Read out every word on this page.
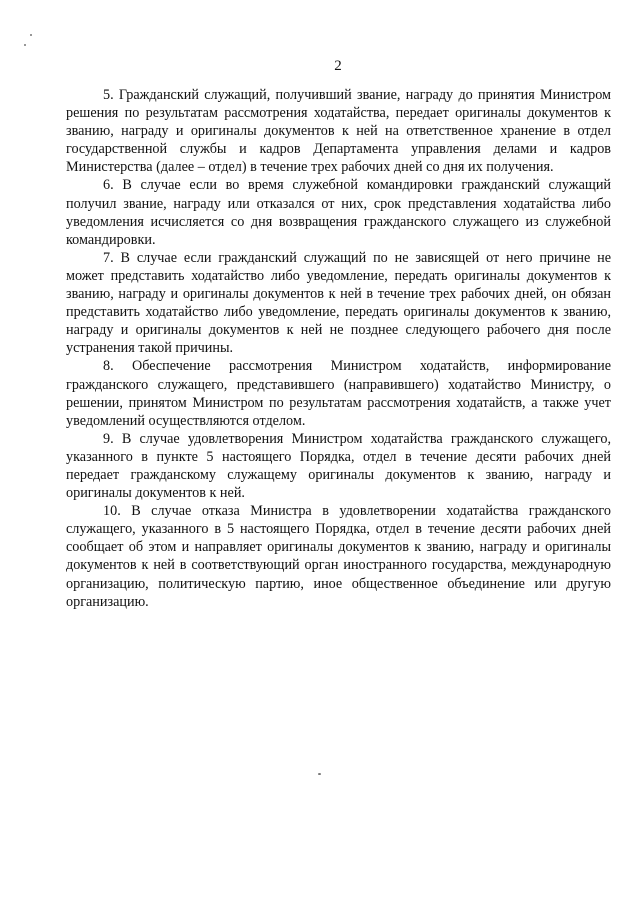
2

5. Гражданский служащий, получивший звание, награду до принятия Министром решения по результатам рассмотрения ходатайства, передает оригиналы документов к званию, награду и оригиналы документов к ней на ответственное хранение в отдел государственной службы и кадров Департамента управления делами и кадров Министерства (далее – отдел) в течение трех рабочих дней со дня их получения.

6. В случае если во время служебной командировки гражданский служащий получил звание, награду или отказался от них, срок представления ходатайства либо уведомления исчисляется со дня возвращения гражданского служащего из служебной командировки.

7. В случае если гражданский служащий по не зависящей от него причине не может представить ходатайство либо уведомление, передать оригиналы документов к званию, награду и оригиналы документов к ней в течение трех рабочих дней, он обязан представить ходатайство либо уведомление, передать оригиналы документов к званию, награду и оригиналы документов к ней не позднее следующего рабочего дня после устранения такой причины.

8. Обеспечение рассмотрения Министром ходатайств, информирование гражданского служащего, представившего (направившего) ходатайство Министру, о решении, принятом Министром по результатам рассмотрения ходатайств, а также учет уведомлений осуществляются отделом.

9. В случае удовлетворения Министром ходатайства гражданского служащего, указанного в пункте 5 настоящего Порядка, отдел в течение десяти рабочих дней передает гражданскому служащему оригиналы документов к званию, награду и оригиналы документов к ней.

10. В случае отказа Министра в удовлетворении ходатайства гражданского служащего, указанного в 5 настоящего Порядка, отдел в течение десяти рабочих дней сообщает об этом и направляет оригиналы документов к званию, награду и оригиналы документов к ней в соответствующий орган иностранного государства, международную организацию, политическую партию, иное общественное объединение или другую организацию.
